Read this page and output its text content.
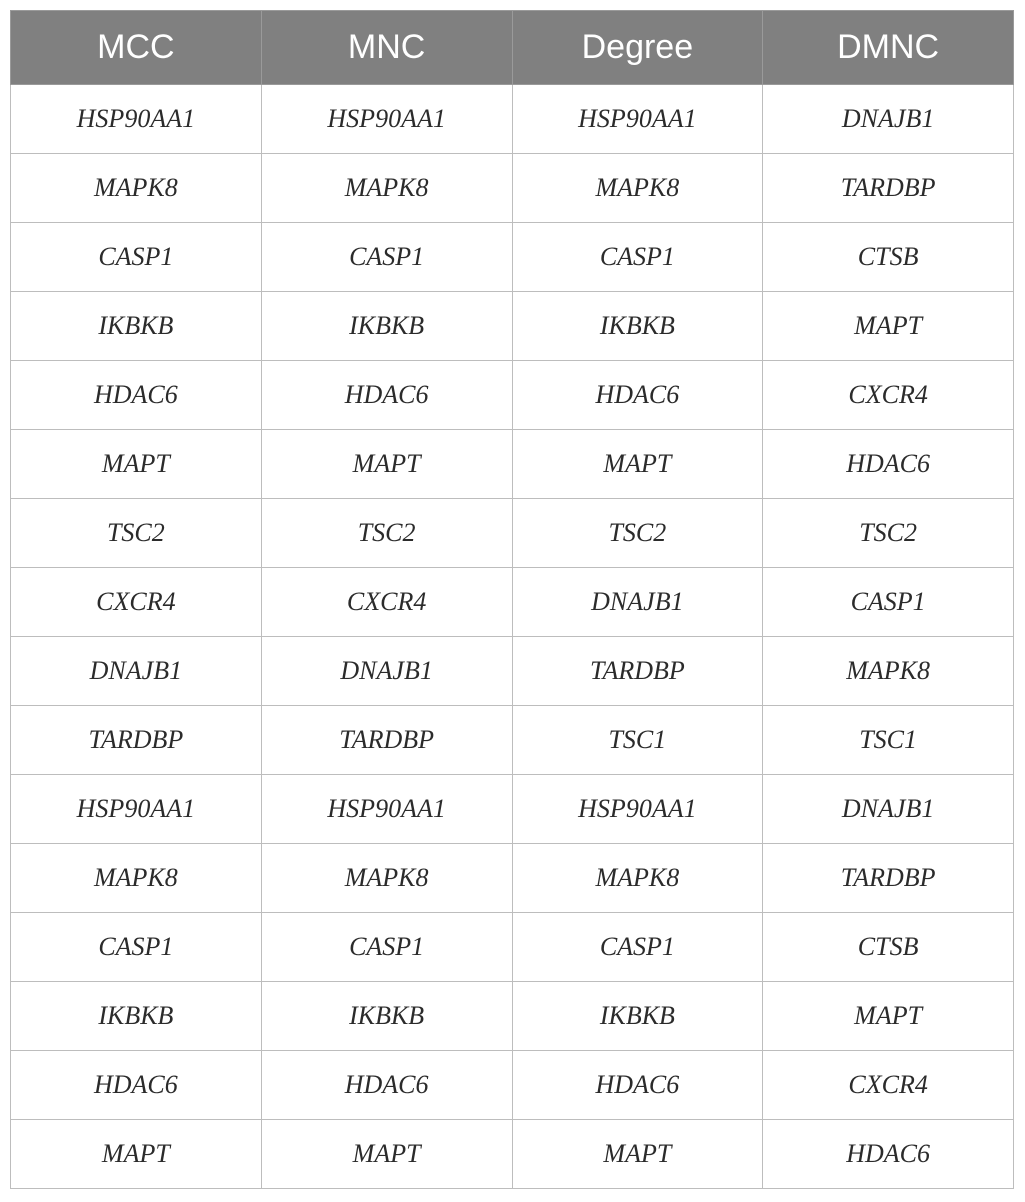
MCC	MNC	Degree	DMNC
HSP90AA1	HSP90AA1	HSP90AA1	DNAJB1
MAPK8	MAPK8	MAPK8	TARDBP
CASP1	CASP1	CASP1	CTSB
IKBKB	IKBKB	IKBKB	MAPT
HDAC6	HDAC6	HDAC6	CXCR4
MAPT	MAPT	MAPT	HDAC6
TSC2	TSC2	TSC2	TSC2
CXCR4	CXCR4	DNAJB1	CASP1
DNAJB1	DNAJB1	TARDBP	MAPK8
TARDBP	TARDBP	TSC1	TSC1
HSP90AA1	HSP90AA1	HSP90AA1	DNAJB1
MAPK8	MAPK8	MAPK8	TARDBP
CASP1	CASP1	CASP1	CTSB
IKBKB	IKBKB	IKBKB	MAPT
HDAC6	HDAC6	HDAC6	CXCR4
MAPT	MAPT	MAPT	HDAC6
